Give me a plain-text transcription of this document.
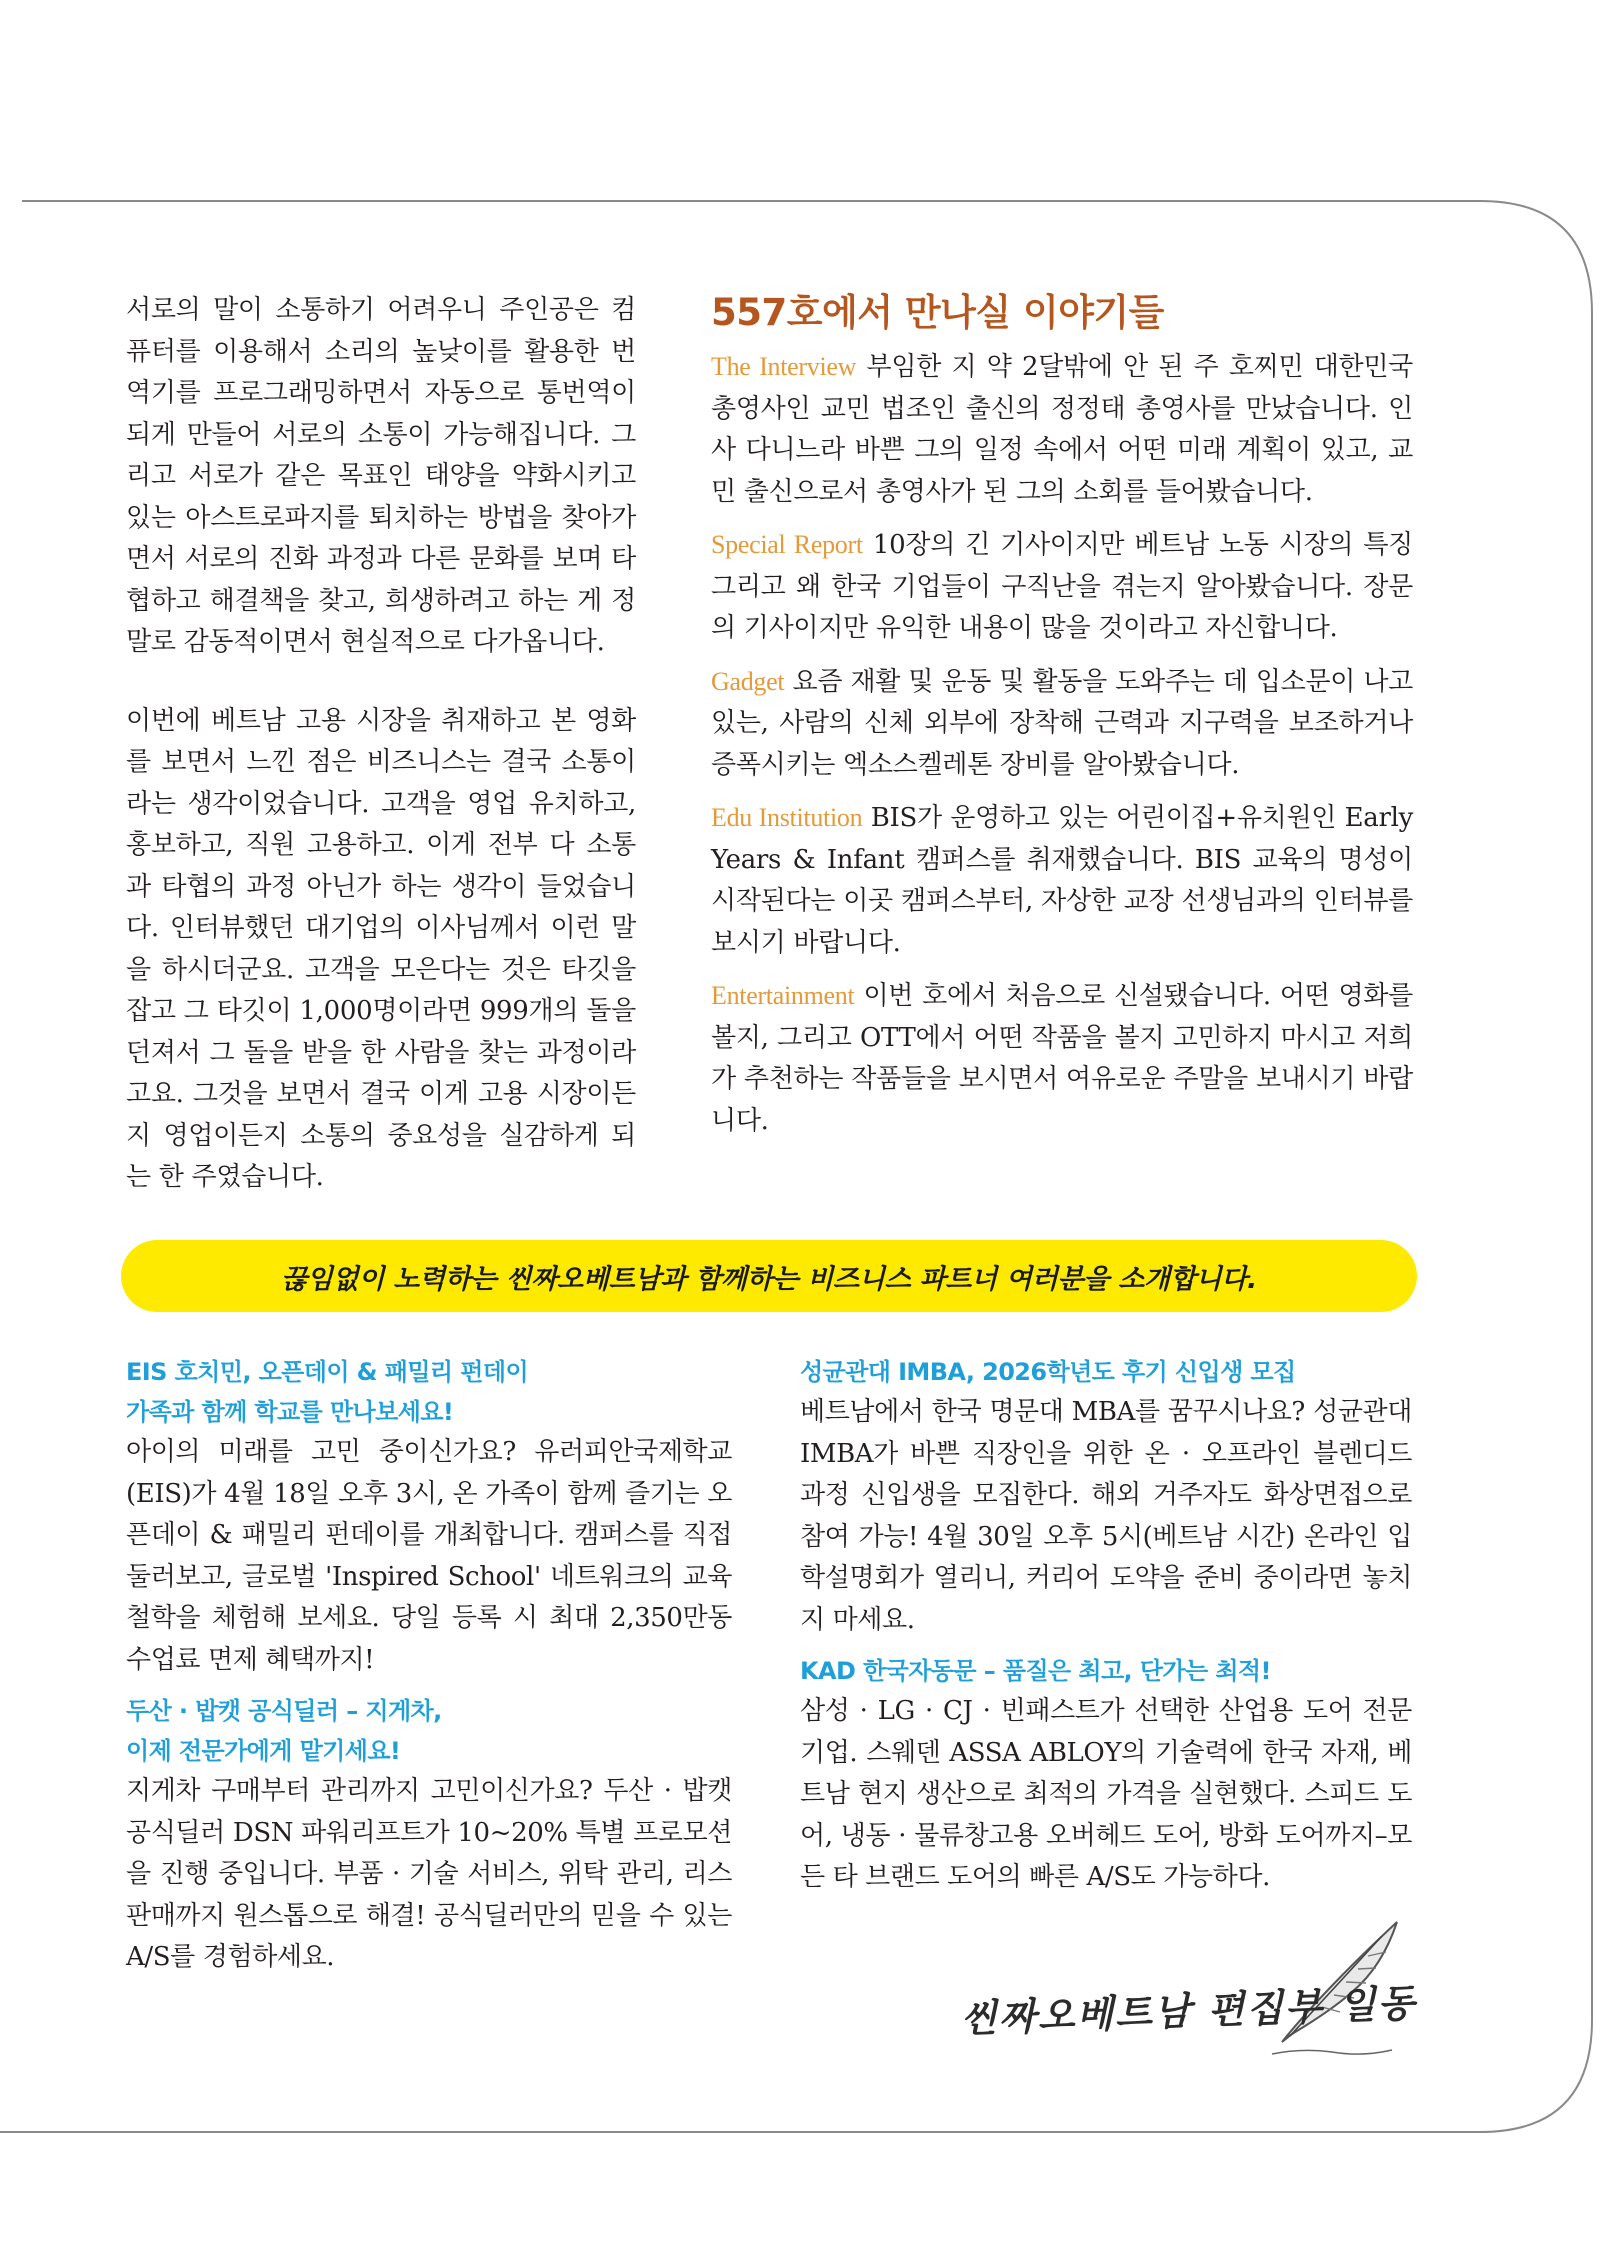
서로의 말이 소통하기 어려우니 주인공은 컴퓨터를 이용해서 소리의 높낮이를 활용한 번역기를 프로그래밍하면서 자동으로 통번역이 되게 만들어 서로의 소통이 가능해집니다. 그리고 서로가 같은 목표인 태양을 약화시키고 있는 아스트로파지를 퇴치하는 방법을 찾아가면서 서로의 진화 과정과 다른 문화를 보며 타협하고 해결책을 찾고, 희생하려고 하는 게 정말로 감동적이면서 현실적으로 다가옵니다.

이번에 베트남 고용 시장을 취재하고 본 영화를 보면서 느낀 점은 비즈니스는 결국 소통이라는 생각이었습니다. 고객을 영업 유치하고, 홍보하고, 직원 고용하고. 이게 전부 다 소통과 타협의 과정 아닌가 하는 생각이 들었습니다. 인터뷰했던 대기업의 이사님께서 이런 말을 하시더군요. 고객을 모은다는 것은 타깃을 잡고 그 타깃이 1,000명이라면 999개의 돌을 던져서 그 돌을 받을 한 사람을 찾는 과정이라고요. 그것을 보면서 결국 이게 고용 시장이든지 영업이든지 소통의 중요성을 실감하게 되는 한 주였습니다.

557호에서 만나실 이야기들

The Interview 부임한 지 약 2달밖에 안 된 주 호찌민 대한민국 총영사인 교민 법조인 출신의 정정태 총영사를 만났습니다. 인사 다니느라 바쁜 그의 일정 속에서 어떤 미래 계획이 있고, 교민 출신으로서 총영사가 된 그의 소회를 들어봤습니다.

Special Report 10장의 긴 기사이지만 베트남 노동 시장의 특징 그리고 왜 한국 기업들이 구직난을 겪는지 알아봤습니다. 장문의 기사이지만 유익한 내용이 많을 것이라고 자신합니다.

Gadget 요즘 재활 및 운동 및 활동을 도와주는 데 입소문이 나고 있는, 사람의 신체 외부에 장착해 근력과 지구력을 보조하거나 증폭시키는 엑소스켈레톤 장비를 알아봤습니다.

Edu Institution BIS가 운영하고 있는 어린이집+유치원인 Early Years & Infant 캠퍼스를 취재했습니다. BIS 교육의 명성이 시작된다는 이곳 캠퍼스부터, 자상한 교장 선생님과의 인터뷰를 보시기 바랍니다.

Entertainment 이번 호에서 처음으로 신설됐습니다. 어떤 영화를 볼지, 그리고 OTT에서 어떤 작품을 볼지 고민하지 마시고 저희가 추천하는 작품들을 보시면서 여유로운 주말을 보내시기 바랍니다.

끊임없이 노력하는 씬짜오베트남과 함께하는 비즈니스 파트너 여러분을 소개합니다.

EIS 호치민, 오픈데이 & 패밀리 펀데이

가족과 함께 학교를 만나보세요!

아이의 미래를 고민 중이신가요? 유러피안국제학교(EIS)가 4월 18일 오후 3시, 온 가족이 함께 즐기는 오픈데이 & 패밀리 펀데이를 개최합니다. 캠퍼스를 직접 둘러보고, 글로벌 'Inspired School' 네트워크의 교육 철학을 체험해 보세요. 당일 등록 시 최대 2,350만동 수업료 면제 혜택까지!

두산 · 밥캣 공식딜러 – 지게차,

이제 전문가에게 맡기세요!

지게차 구매부터 관리까지 고민이신가요? 두산 · 밥캣 공식딜러 DSN 파워리프트가 10~20% 특별 프로모션을 진행 중입니다. 부품 · 기술 서비스, 위탁 관리, 리스 판매까지 원스톱으로 해결! 공식딜러만의 믿을 수 있는 A/S를 경험하세요.

성균관대 IMBA, 2026학년도 후기 신입생 모집

베트남에서 한국 명문대 MBA를 꿈꾸시나요? 성균관대 IMBA가 바쁜 직장인을 위한 온 · 오프라인 블렌디드 과정 신입생을 모집한다. 해외 거주자도 화상면접으로 참여 가능! 4월 30일 오후 5시(베트남 시간) 온라인 입학설명회가 열리니, 커리어 도약을 준비 중이라면 놓치지 마세요.

KAD 한국자동문 – 품질은 최고, 단가는 최적!

삼성 · LG · CJ · 빈패스트가 선택한 산업용 도어 전문기업. 스웨덴 ASSA ABLOY의 기술력에 한국 자재, 베트남 현지 생산으로 최적의 가격을 실현했다. 스피드 도어, 냉동 · 물류창고용 오버헤드 도어, 방화 도어까지–모든 타 브랜드 도어의 빠른 A/S도 가능하다.

씬짜오베트남 편집부 일동
